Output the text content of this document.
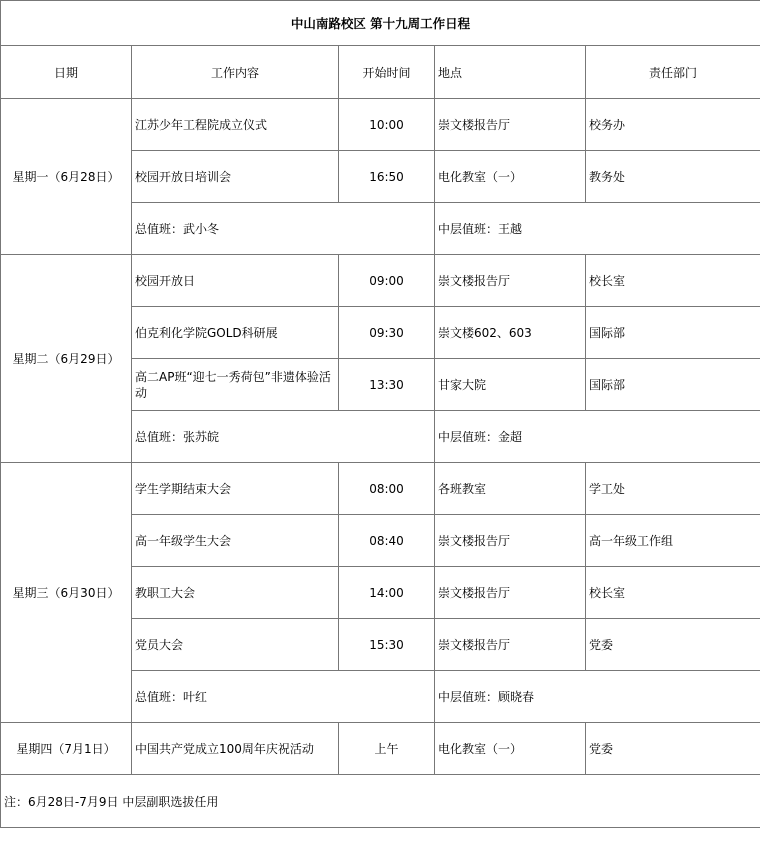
中山南路校区 第十九周工作日程				
日期	工作内容	开始时间	地点	责任部门
星期一（6月28日）	江苏少年工程院成立仪式	10:00	崇文楼报告厅	校务办
	校园开放日培训会	16:50	电化教室（一）	教务处
	总值班：武小冬		中层值班：王越	
星期二（6月29日）	校园开放日	09:00	崇文楼报告厅	校长室
	伯克利化学院GOLD科研展	09:30	崇文楼602、603	国际部
	高二AP班“迎七一秀荷包”非遗体验活动	13:30	甘家大院	国际部
	总值班：张苏皖		中层值班：金超	
星期三（6月30日）	学生学期结束大会	08:00	各班教室	学工处
	高一年级学生大会	08:40	崇文楼报告厅	高一年级工作组
	教职工大会	14:00	崇文楼报告厅	校长室
	党员大会	15:30	崇文楼报告厅	党委
	总值班：叶红		中层值班：顾晓春	
星期四（7月1日）	中国共产党成立100周年庆祝活动	上午	电化教室（一）	党委
注：6月28日-7月9日 中层副职选拔任用				
